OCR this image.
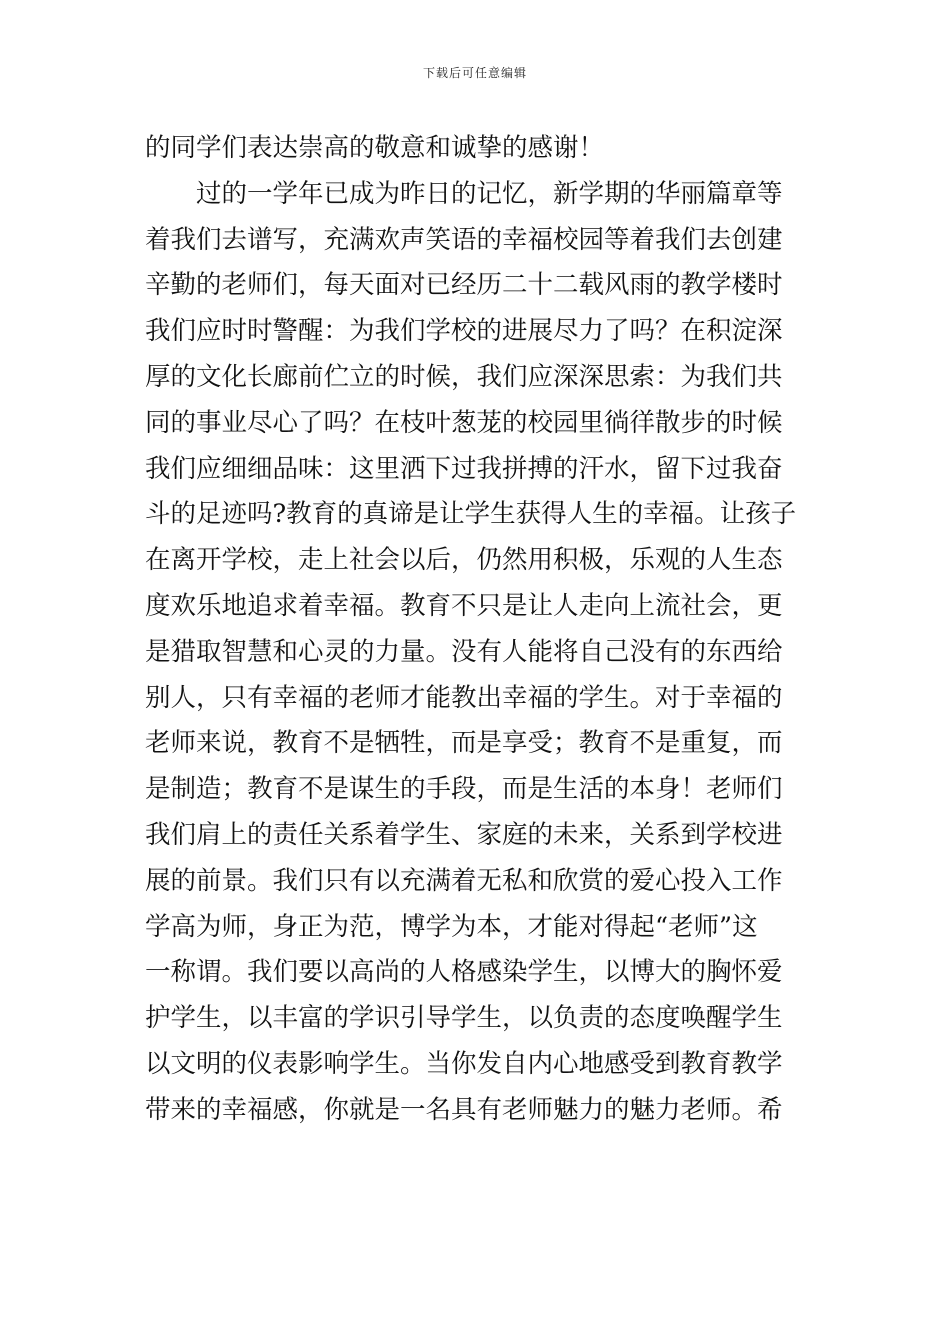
下载后可任意编辑
的同学们表达崇高的敬意和诚挚的感谢！
过的一学年已成为昨日的记忆，新学期的华丽篇章等
着我们去谱写，充满欢声笑语的幸福校园等着我们去创建
辛勤的老师们，每天面对已经历二十二载风雨的教学楼时
我们应时时警醒：为我们学校的进展尽力了吗？在积淀深
厚的文化长廊前伫立的时候，我们应深深思索：为我们共
同的事业尽心了吗？在枝叶葱茏的校园里徜徉散步的时候
我们应细细品味：这里洒下过我拼搏的汗水，留下过我奋
斗的足迹吗?教育的真谛是让学生获得人生的幸福。让孩子
在离开学校，走上社会以后，仍然用积极，乐观的人生态
度欢乐地追求着幸福。教育不只是让人走向上流社会，更
是猎取智慧和心灵的力量。没有人能将自己没有的东西给
别人，只有幸福的老师才能教出幸福的学生。对于幸福的
老师来说，教育不是牺牲，而是享受；教育不是重复，而
是制造；教育不是谋生的手段，而是生活的本身！老师们
我们肩上的责任关系着学生、家庭的未来，关系到学校进
展的前景。我们只有以充满着无私和欣赏的爱心投入工作
学高为师，身正为范，博学为本，才能对得起“老师”这
一称谓。我们要以高尚的人格感染学生，以博大的胸怀爱
护学生，以丰富的学识引导学生，以负责的态度唤醒学生
以文明的仪表影响学生。当你发自内心地感受到教育教学
带来的幸福感，你就是一名具有老师魅力的魅力老师。希
